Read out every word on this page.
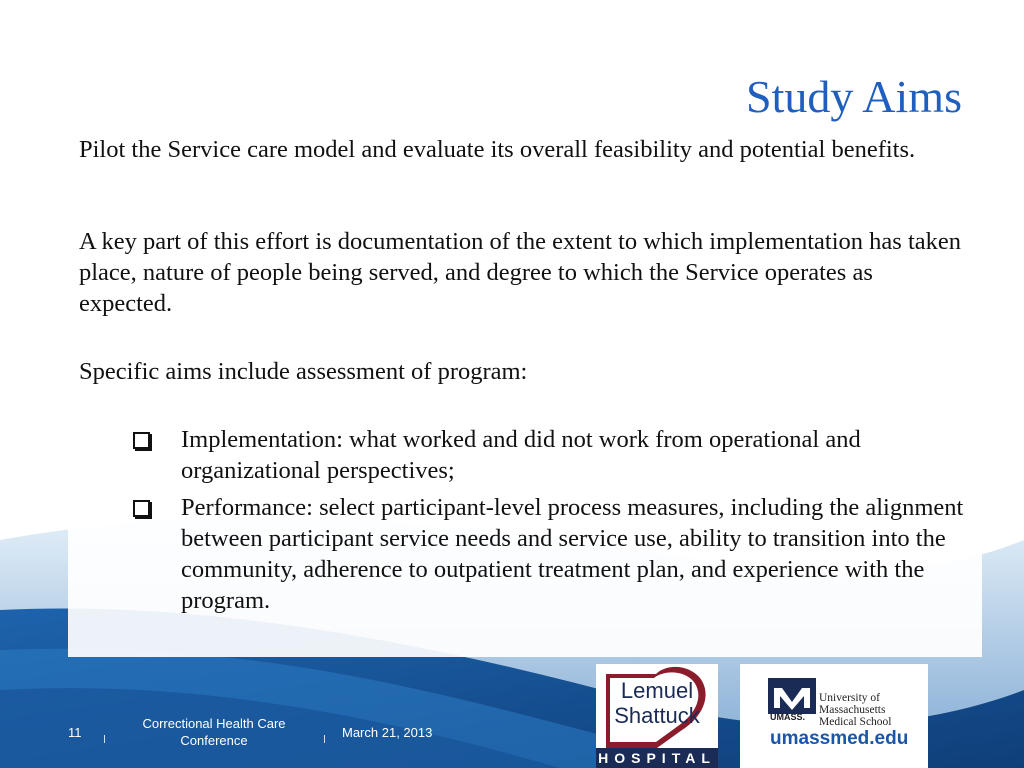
Study Aims
Pilot the Service care model and evaluate its overall feasibility and potential benefits.
A key part of this effort is documentation of the extent to which implementation has taken place, nature of people being served, and degree to which the Service operates as expected.
Specific aims include assessment of program:
Implementation: what worked and did not work from operational and organizational perspectives;
Performance: select participant-level process measures, including the alignment between participant service needs and service use, ability to transition into the community, adherence to outpatient treatment plan, and experience with the program.
11
Correctional Health Care Conference
March 21, 2013
Lemuel
Shattuck
HOSPITAL
University of
Massachusetts
Medical School
UMASS.
umassmed.edu
